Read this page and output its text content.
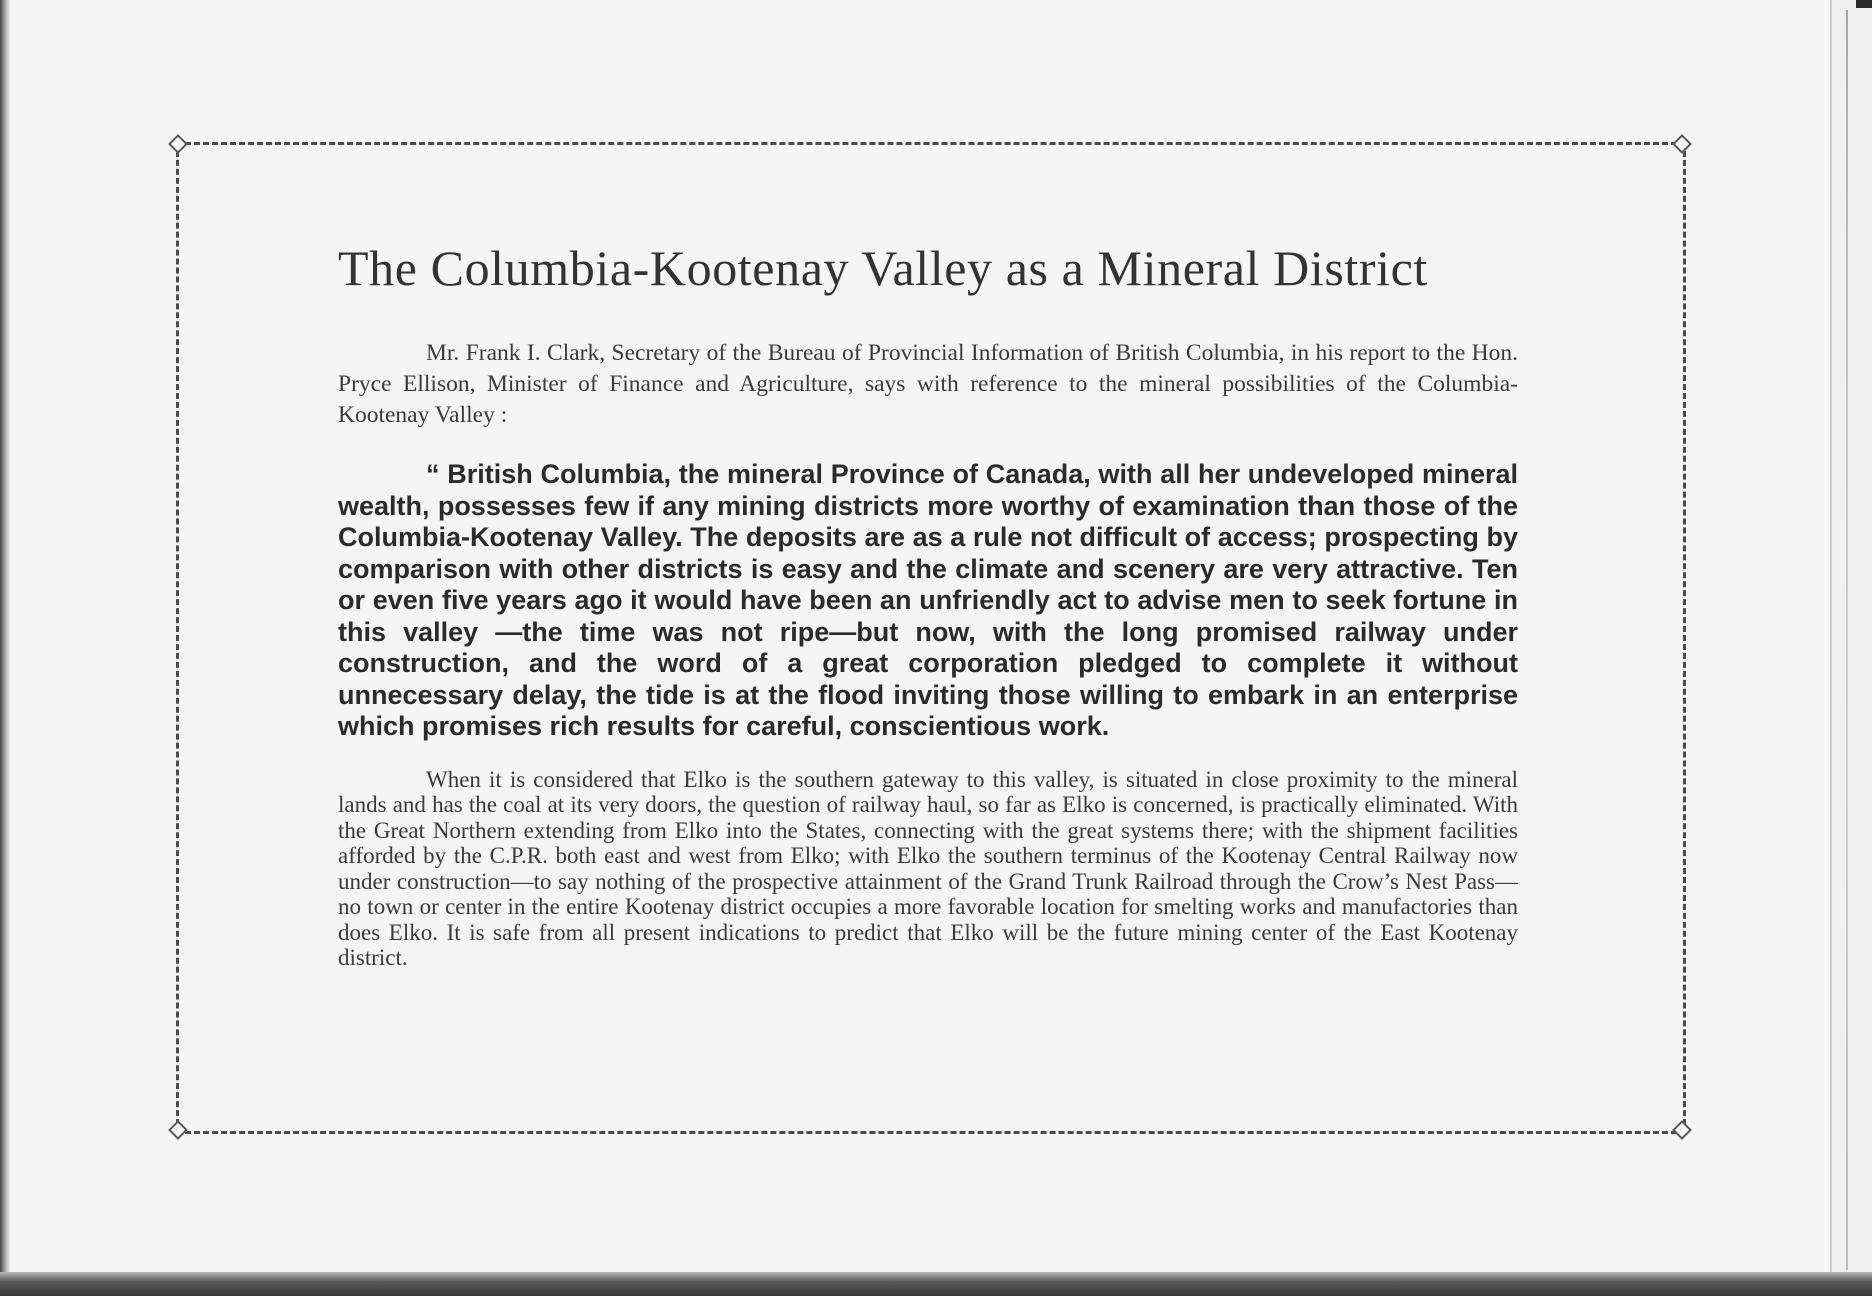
The Columbia-Kootenay Valley as a Mineral District

Mr. Frank I. Clark, Secretary of the Bureau of Provincial Information of British Columbia, in his report to the Hon. Pryce Ellison, Minister of Finance and Agriculture, says with reference to the mineral possibilities of the Columbia-Kootenay Valley :

“ British Columbia, the mineral Province of Canada, with all her undeveloped mineral wealth, possesses few if any mining districts more worthy of examination than those of the Columbia-Kootenay Valley. The deposits are as a rule not difficult of access; prospecting by comparison with other districts is easy and the climate and scenery are very attractive. Ten or even five years ago it would have been an unfriendly act to advise men to seek fortune in this valley —the time was not ripe—but now, with the long promised railway under construction, and the word of a great corporation pledged to complete it without unnecessary delay, the tide is at the flood inviting those willing to embark in an enterprise which promises rich results for careful, conscientious work.

When it is considered that Elko is the southern gateway to this valley, is situated in close proximity to the mineral lands and has the coal at its very doors, the question of railway haul, so far as Elko is concerned, is practically eliminated. With the Great Northern extending from Elko into the States, connecting with the great systems there; with the shipment facilities afforded by the C.P.R. both east and west from Elko; with Elko the southern terminus of the Kootenay Central Railway now under construction—to say nothing of the prospective attainment of the Grand Trunk Railroad through the Crow’s Nest Pass—no town or center in the entire Kootenay district occupies a more favorable location for smelting works and manufactories than does Elko. It is safe from all present indications to predict that Elko will be the future mining center of the East Kootenay district.
